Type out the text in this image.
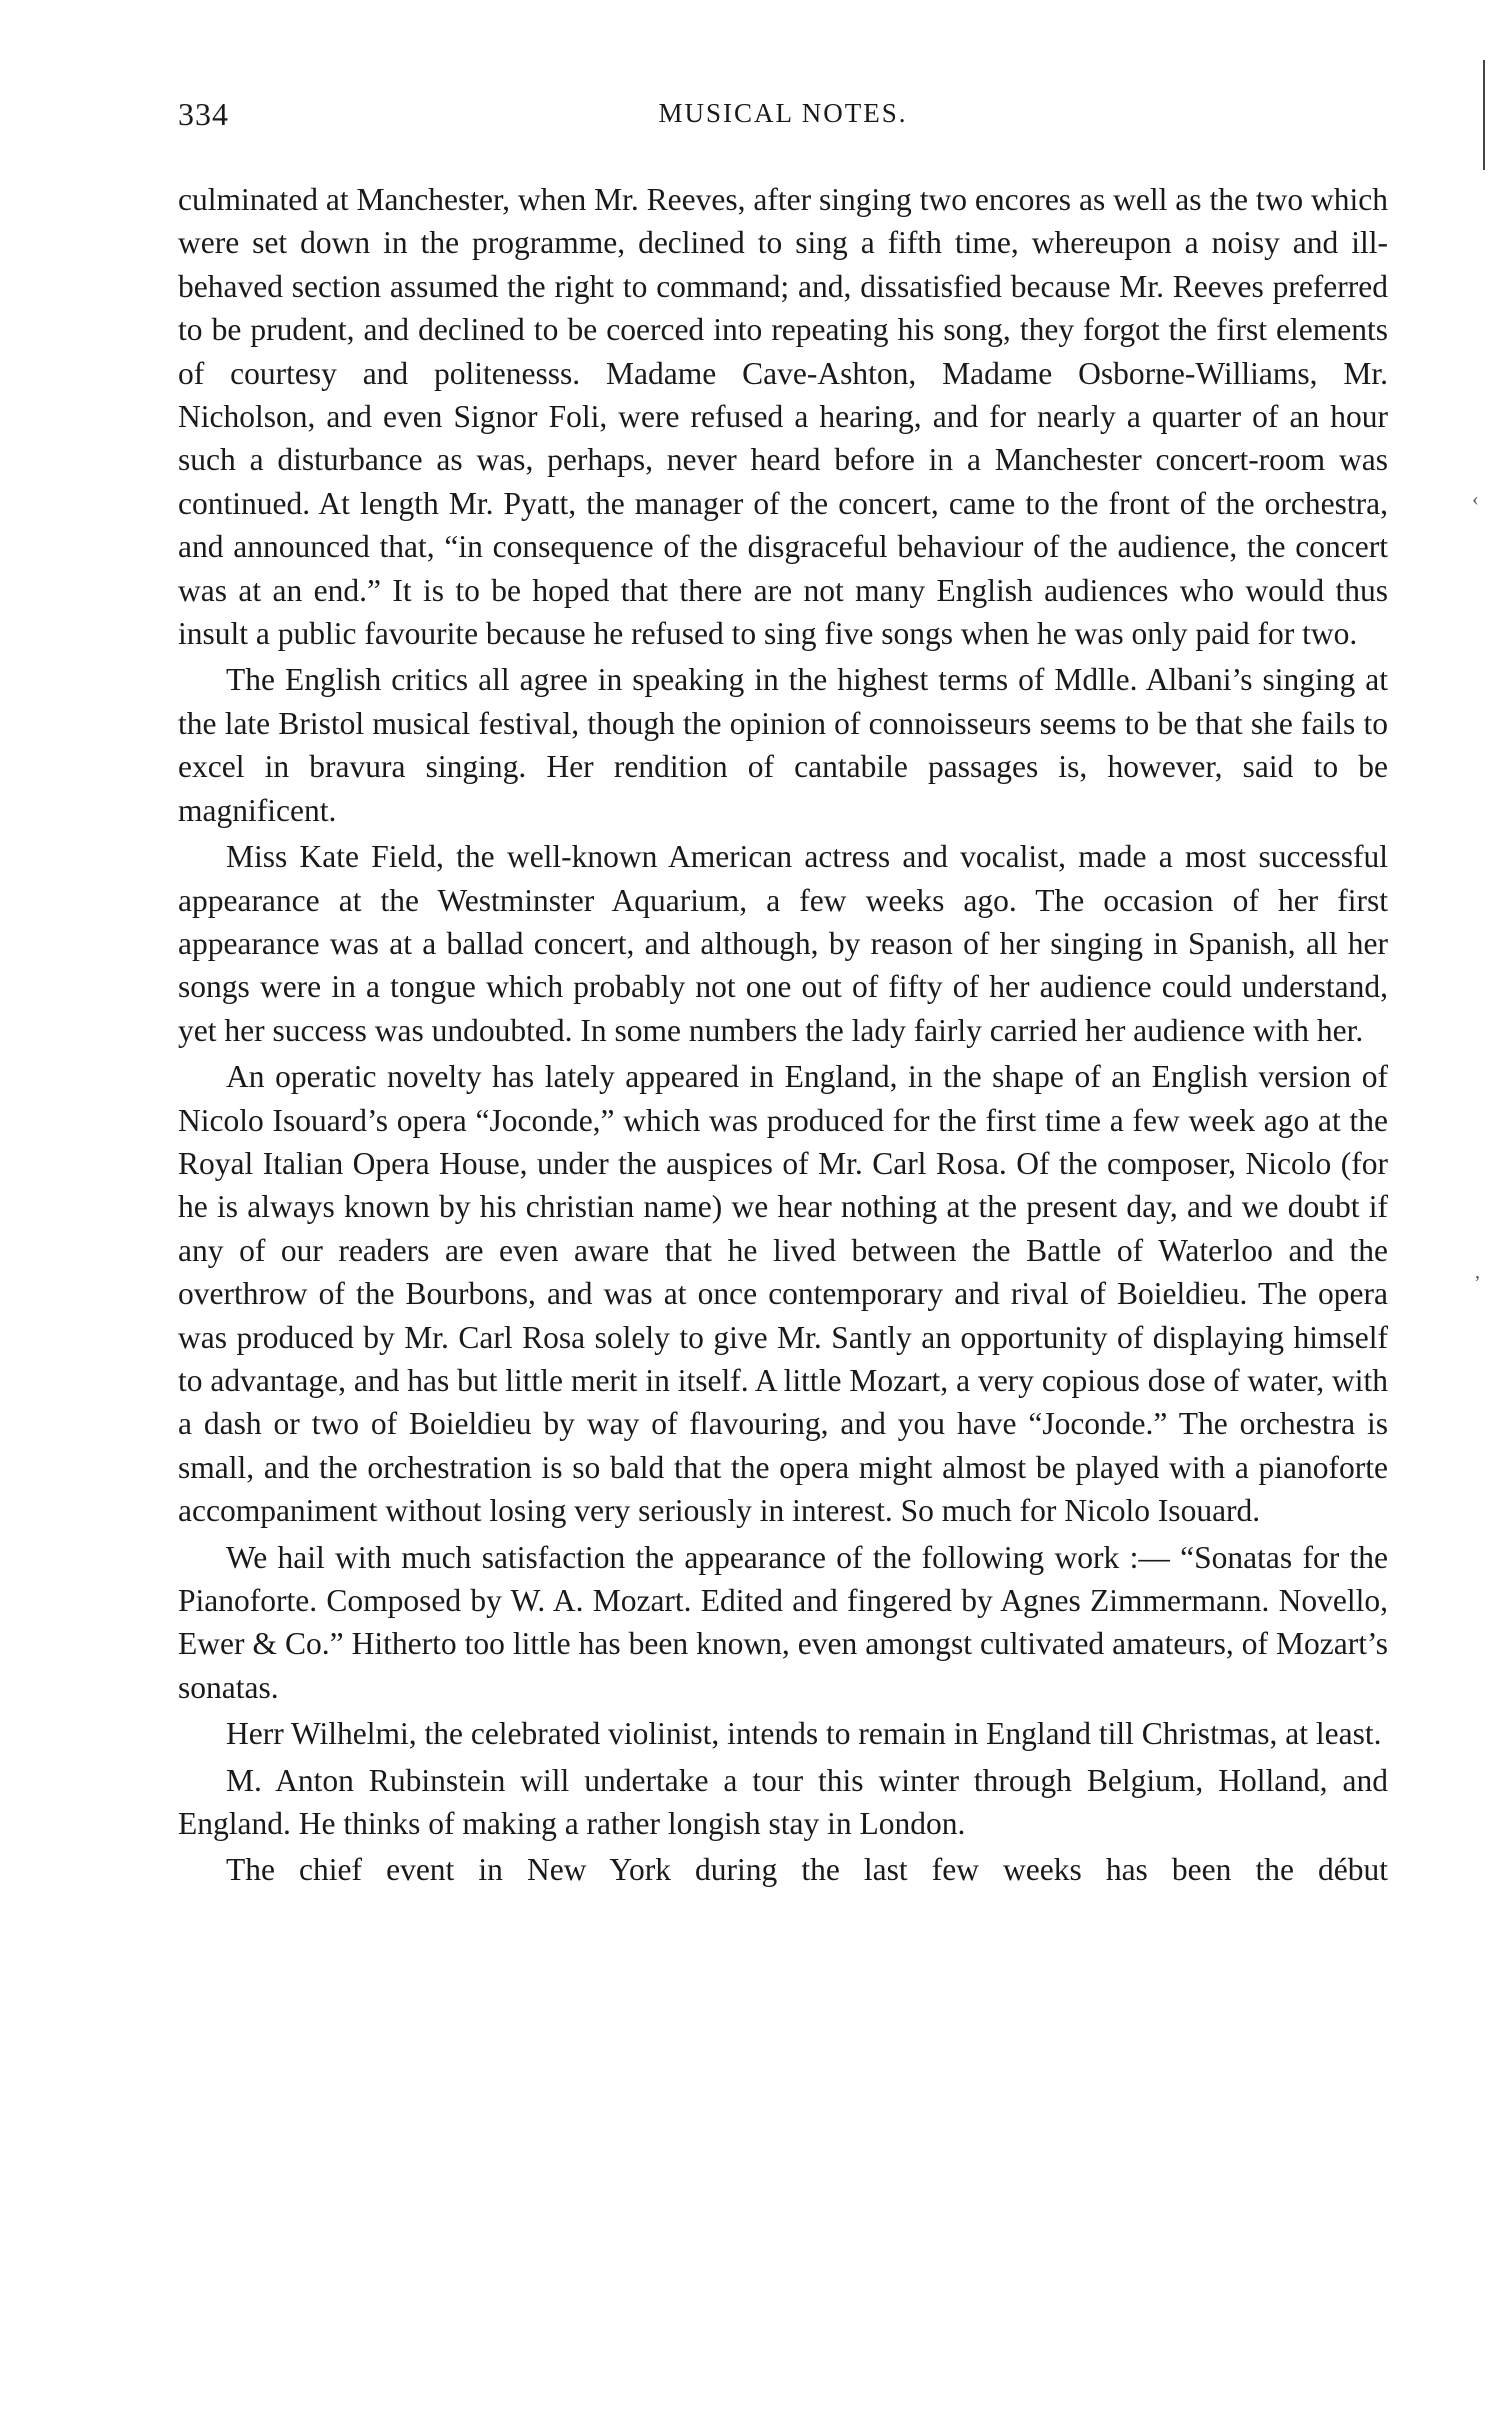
334	MUSICAL NOTES.

culminated at Manchester, when Mr. Reeves, after singing two encores as well as the two which were set down in the programme, declined to sing a fifth time, whereupon a noisy and ill-behaved section assumed the right to command; and, dissatisfied because Mr. Reeves preferred to be prudent, and declined to be coerced into repeating his song, they forgot the first elements of courtesy and politenesss. Madame Cave-Ashton, Madame Osborne-Williams, Mr. Nicholson, and even Signor Foli, were refused a hearing, and for nearly a quarter of an hour such a disturbance as was, perhaps, never heard before in a Manchester concert-room was continued. At length Mr. Pyatt, the manager of the concert, came to the front of the orchestra, and announced that, “in consequence of the disgraceful behaviour of the audience, the concert was at an end.” It is to be hoped that there are not many English audiences who would thus insult a public favourite because he refused to sing five songs when he was only paid for two.

The English critics all agree in speaking in the highest terms of Mdlle. Albani’s singing at the late Bristol musical festival, though the opinion of connoisseurs seems to be that she fails to excel in bravura singing. Her rendition of cantabile passages is, however, said to be magnificent.

Miss Kate Field, the well-known American actress and vocalist, made a most successful appearance at the Westminster Aquarium, a few weeks ago. The occasion of her first appearance was at a ballad concert, and although, by reason of her singing in Spanish, all her songs were in a tongue which probably not one out of fifty of her audience could understand, yet her success was undoubted. In some numbers the lady fairly carried her audience with her.

An operatic novelty has lately appeared in England, in the shape of an English version of Nicolo Isouard’s opera “Joconde,” which was produced for the first time a few week ago at the Royal Italian Opera House, under the auspices of Mr. Carl Rosa. Of the composer, Nicolo (for he is always known by his christian name) we hear nothing at the present day, and we doubt if any of our readers are even aware that he lived between the Battle of Waterloo and the overthrow of the Bourbons, and was at once contemporary and rival of Boieldieu. The opera was produced by Mr. Carl Rosa solely to give Mr. Santly an opportunity of displaying himself to advantage, and has but little merit in itself. A little Mozart, a very copious dose of water, with a dash or two of Boieldieu by way of flavouring, and you have “Joconde.” The orchestra is small, and the orchestration is so bald that the opera might almost be played with a pianoforte accompaniment without losing very seriously in interest. So much for Nicolo Isouard.

We hail with much satisfaction the appearance of the following work :— “Sonatas for the Pianoforte. Composed by W. A. Mozart. Edited and fingered by Agnes Zimmermann. Novello, Ewer & Co.” Hitherto too little has been known, even amongst cultivated amateurs, of Mozart’s sonatas.

Herr Wilhelmi, the celebrated violinist, intends to remain in England till Christmas, at least.

M. Anton Rubinstein will undertake a tour this winter through Belgium, Holland, and England. He thinks of making a rather longish stay in London.

The chief event in New York during the last few weeks has been the début

‹
’
